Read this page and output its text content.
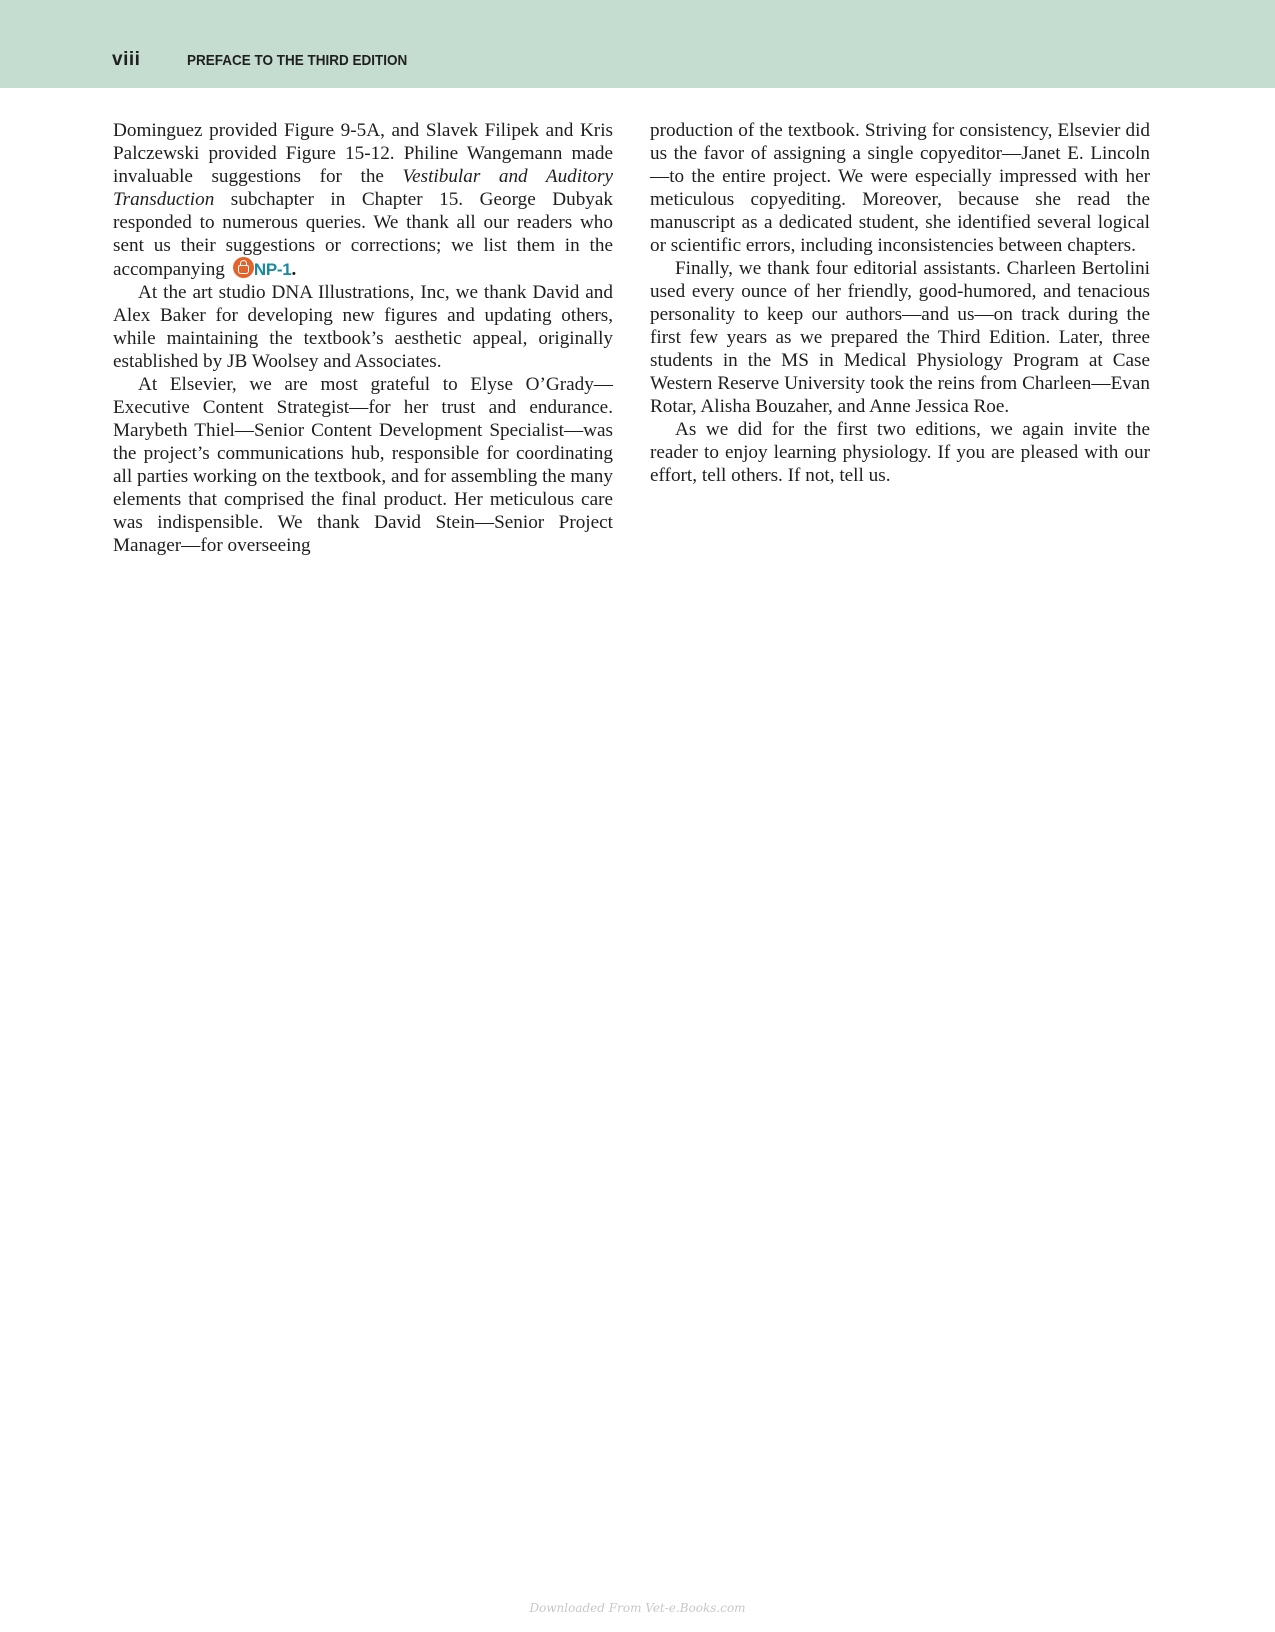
viii	PREFACE TO THE THIRD EDITION

Dominguez provided Figure 9-5A, and Slavek Filipek and Kris Palczewski provided Figure 15-12. Philine Wangemann made invaluable suggestions for the Vestibular and Auditory Transduction subchapter in Chapter 15. George Dubyak responded to numerous queries. We thank all our readers who sent us their suggestions or corrections; we list them in the accompanying NP-1.

At the art studio DNA Illustrations, Inc, we thank David and Alex Baker for developing new figures and updating others, while maintaining the textbook’s aesthetic appeal, originally established by JB Woolsey and Associates.

At Elsevier, we are most grateful to Elyse O’Grady—Executive Content Strategist—for her trust and endurance. Marybeth Thiel—Senior Content Development Specialist—was the project’s communications hub, responsible for coordinating all parties working on the textbook, and for assembling the many elements that comprised the final product. Her meticulous care was indispensible. We thank David Stein—Senior Project Manager—for overseeing

production of the textbook. Striving for consistency, Elsevier did us the favor of assigning a single copyeditor—Janet E. Lincoln—to the entire project. We were especially impressed with her meticulous copyediting. Moreover, because she read the manuscript as a dedicated student, she identified several logical or scientific errors, including inconsistencies between chapters.

Finally, we thank four editorial assistants. Charleen Bertolini used every ounce of her friendly, good-humored, and tenacious personality to keep our authors—and us—on track during the first few years as we prepared the Third Edition. Later, three students in the MS in Medical Physiology Program at Case Western Reserve University took the reins from Charleen—Evan Rotar, Alisha Bouzaher, and Anne Jessica Roe.

As we did for the first two editions, we again invite the reader to enjoy learning physiology. If you are pleased with our effort, tell others. If not, tell us.

Downloaded From Vet-e.Books.com
